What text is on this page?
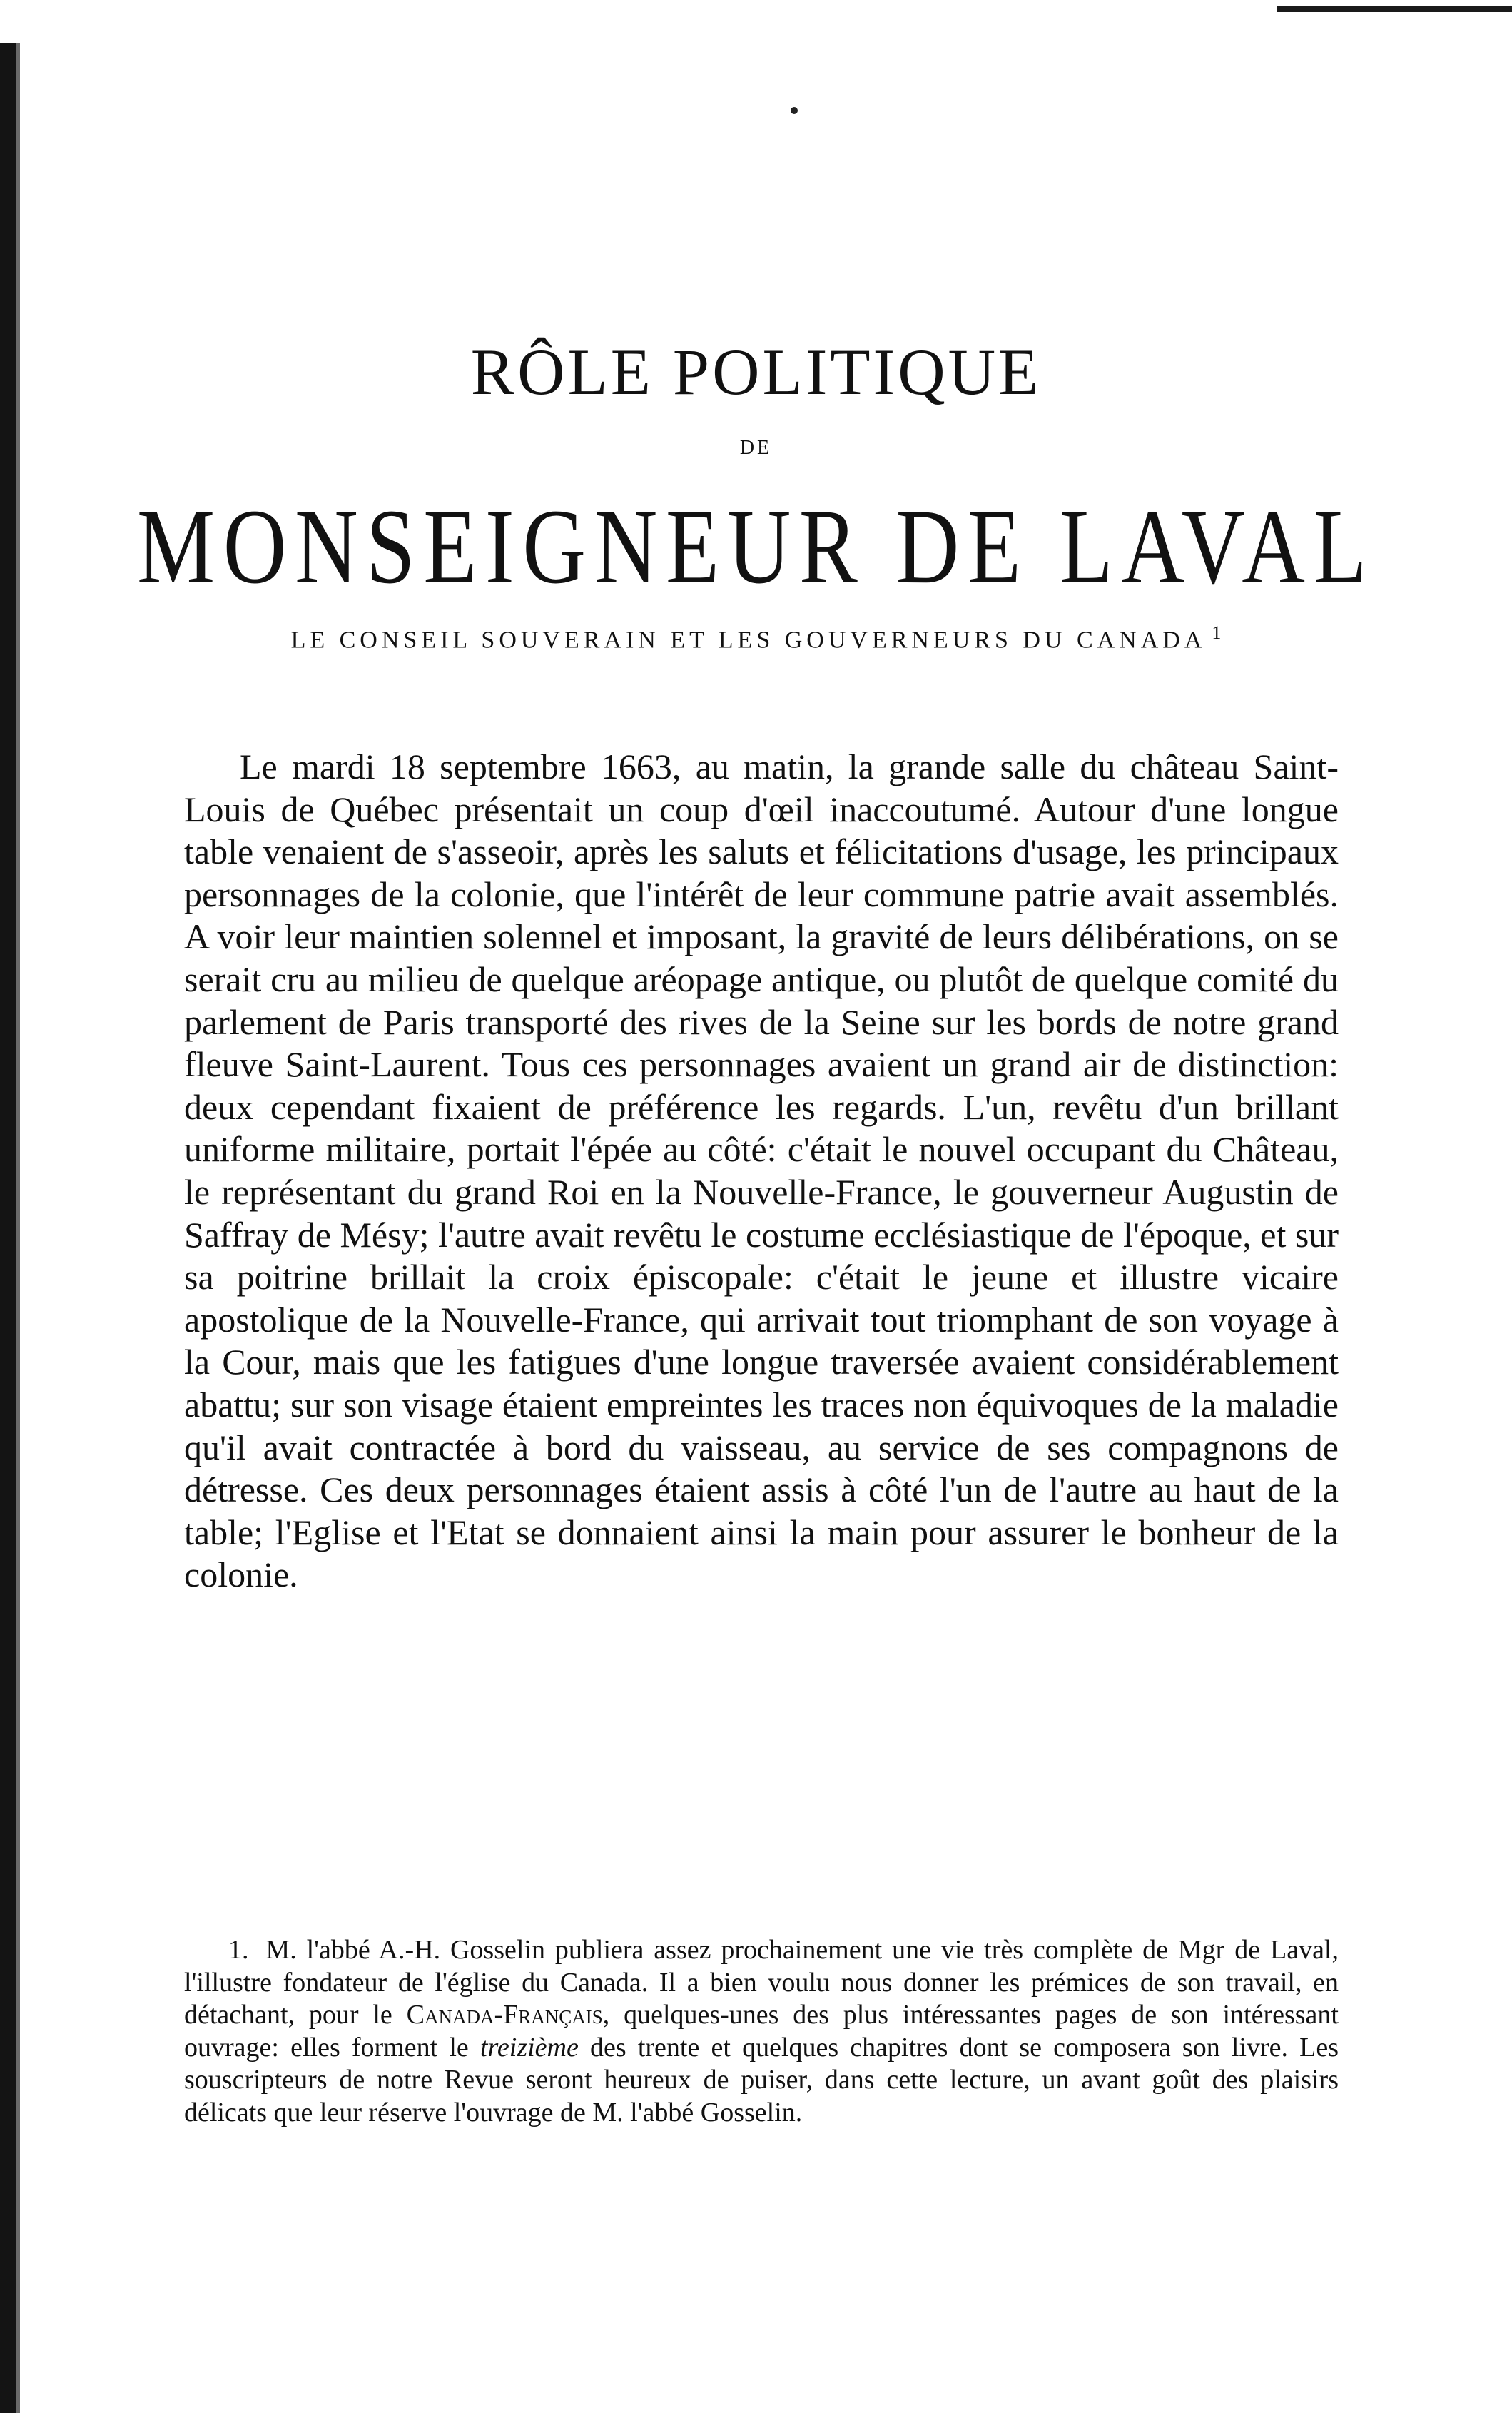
RÔLE POLITIQUE
DE
MONSEIGNEUR DE LAVAL
LE CONSEIL SOUVERAIN ET LES GOUVERNEURS DU CANADA $^1$

Le mardi 18 septembre 1663, au matin, la grande salle du château Saint-Louis de Québec présentait un coup d'œil inaccoutumé. Autour d'une longue table venaient de s'asseoir, après les saluts et félicitations d'usage, les principaux personnages de la colonie, que l'intérêt de leur commune patrie avait assemblés. A voir leur maintien solennel et imposant, la gravité de leurs délibérations, on se serait cru au milieu de quelque aréopage antique, ou plutôt de quelque comité du parlement de Paris transporté des rives de la Seine sur les bords de notre grand fleuve Saint-Laurent. Tous ces personnages avaient un grand air de distinction: deux cependant fixaient de préférence les regards. L'un, revêtu d'un brillant uniforme militaire, portait l'épée au côté: c'était le nouvel occupant du Château, le représentant du grand Roi en la Nouvelle-France, le gouverneur Augustin de Saffray de Mésy; l'autre avait revêtu le costume ecclésiastique de l'époque, et sur sa poitrine brillait la croix épiscopale: c'était le jeune et illustre vicaire apostolique de la Nouvelle-France, qui arrivait tout triomphant de son voyage à la Cour, mais que les fatigues d'une longue traversée avaient considérablement abattu; sur son visage étaient empreintes les traces non équivoques de la maladie qu'il avait contractée à bord du vaisseau, au service de ses compagnons de détresse. Ces deux personnages étaient assis à côté l'un de l'autre au haut de la table; l'Eglise et l'Etat se donnaient ainsi la main pour assurer le bonheur de la colonie.

1. M. l'abbé A.-H. Gosselin publiera assez prochainement une vie très complète de Mgr de Laval, l'illustre fondateur de l'église du Canada. Il a bien voulu nous donner les prémices de son travail, en détachant, pour le Canada-Français, quelques-unes des plus intéressantes pages de son intéressant ouvrage: elles forment le treizième des trente et quelques chapitres dont se composera son livre. Les souscripteurs de notre Revue seront heureux de puiser, dans cette lecture, un avant goût des plaisirs délicats que leur réserve l'ouvrage de M. l'abbé Gosselin.
